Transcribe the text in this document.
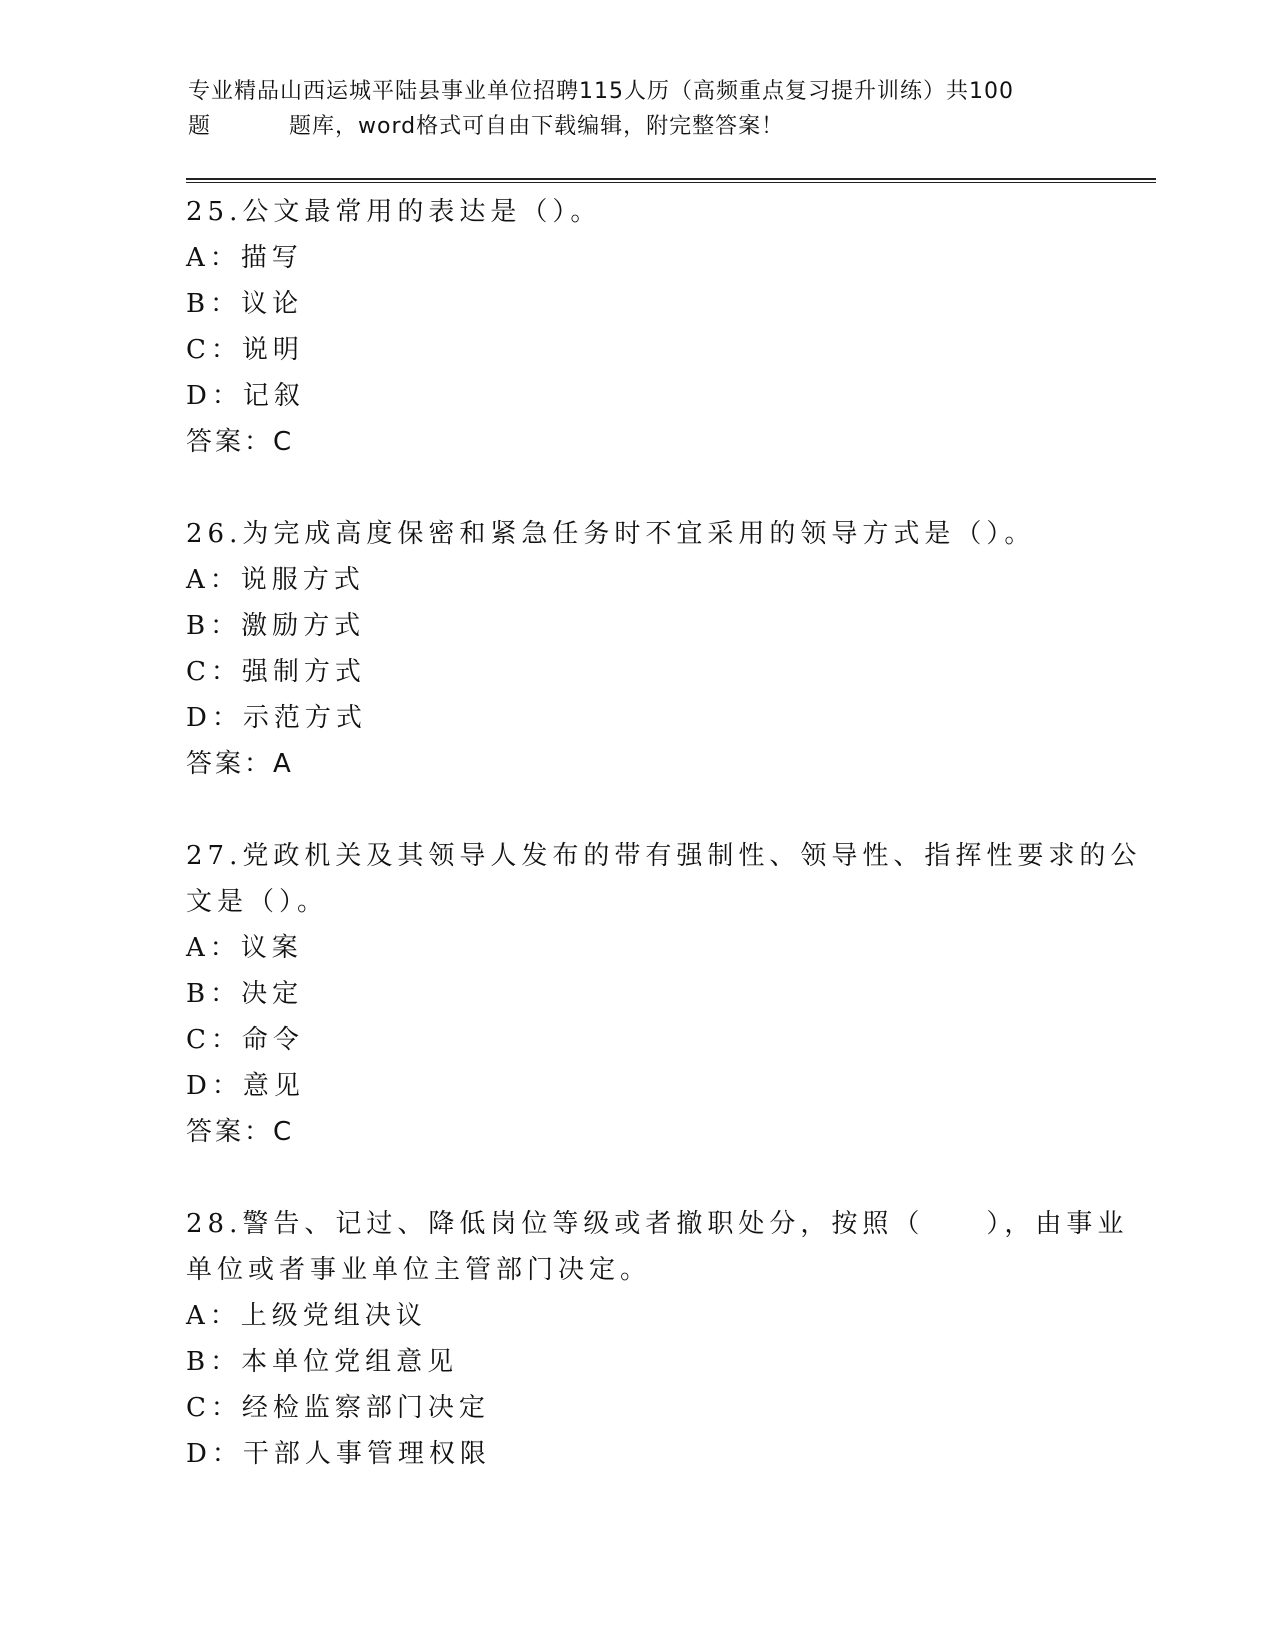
专业精品山西运城平陆县事业单位招聘115人历（高频重点复习提升训练）共100
题	题库，word格式可自由下载编辑，附完整答案！
25.公文最常用的表达是（）。
A：描写
B：议论
C：说明
D：记叙
答案：C
26.为完成高度保密和紧急任务时不宜采用的领导方式是（）。
A：说服方式
B：激励方式
C：强制方式
D：示范方式
答案：A
27.党政机关及其领导人发布的带有强制性、领导性、指挥性要求的公
文是（）。
A：议案
B：决定
C：命令
D：意见
答案：C
28.警告、记过、降低岗位等级或者撤职处分，按照（　　），由事业
单位或者事业单位主管部门决定。
A：上级党组决议
B：本单位党组意见
C：经检监察部门决定
D：干部人事管理权限
